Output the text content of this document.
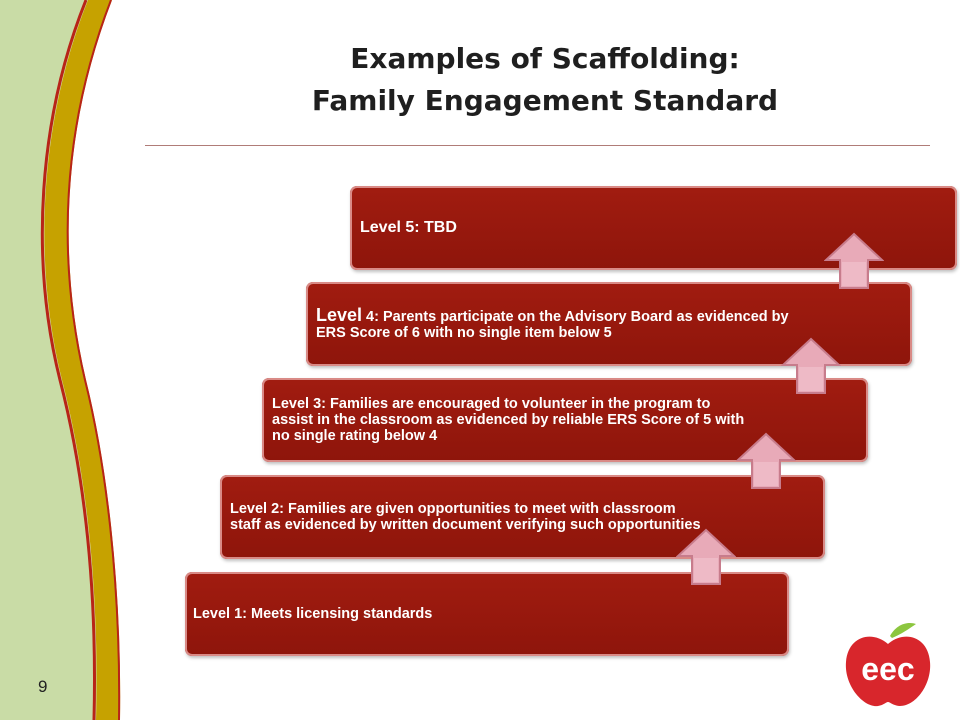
Examples of Scaffolding:
Family Engagement Standard
Level 1: Meets licensing standards
Level 2: Families are given opportunities to meet with classroom staff as evidenced by written document verifying such opportunities
Level 3: Families are encouraged to volunteer in the program to assist in the classroom as evidenced by reliable ERS Score of 5 with no single rating below 4
Level 4: Parents participate on the Advisory Board as evidenced by ERS Score of 6 with no single item below 5
Level 5: TBD
9	eec
